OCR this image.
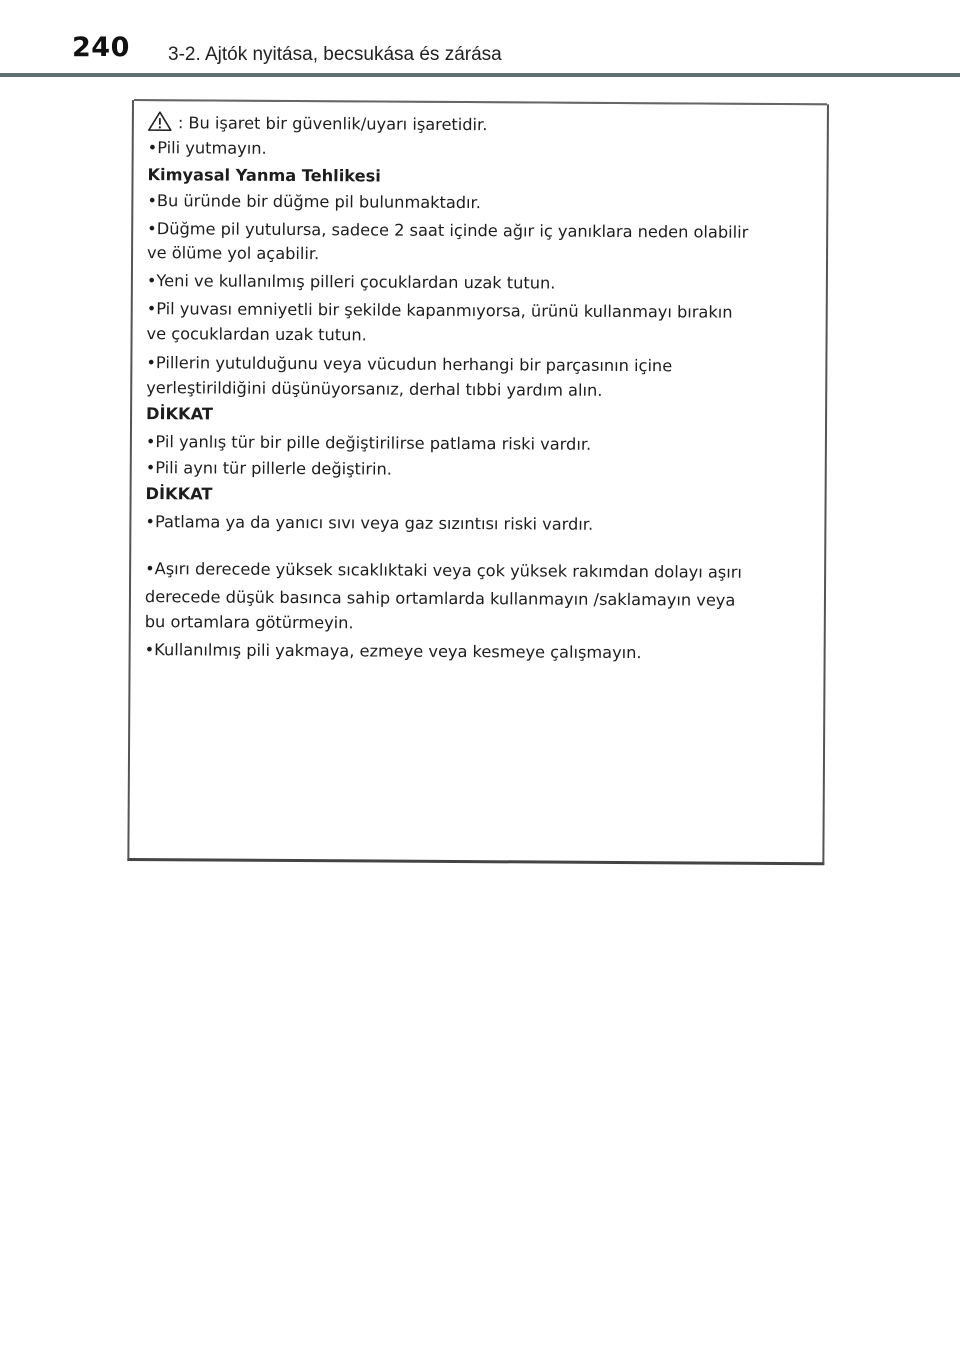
240 3-2. Ajtók nyitása, becsukása és zárása
: Bu işaret bir güvenlik/uyarı işaretidir.
•Pili yutmayın.
Kimyasal Yanma Tehlikesi
•Bu üründe bir düğme pil bulunmaktadır.
•Düğme pil yutulursa, sadece 2 saat içinde ağır iç yanıklara neden olabilir
ve ölüme yol açabilir.
•Yeni ve kullanılmış pilleri çocuklardan uzak tutun.
•Pil yuvası emniyetli bir şekilde kapanmıyorsa, ürünü kullanmayı bırakın
ve çocuklardan uzak tutun.
•Pillerin yutulduğunu veya vücudun herhangi bir parçasının içine
yerleştirildiğini düşünüyorsanız, derhal tıbbi yardım alın.
DİKKAT
•Pil yanlış tür bir pille değiştirilirse patlama riski vardır.
•Pili aynı tür pillerle değiştirin.
DİKKAT
•Patlama ya da yanıcı sıvı veya gaz sızıntısı riski vardır.
•Aşırı derecede yüksek sıcaklıktaki veya çok yüksek rakımdan dolayı aşırı
derecede düşük basınca sahip ortamlarda kullanmayın /saklamayın veya
bu ortamlara götürmeyin.
•Kullanılmış pili yakmaya, ezmeye veya kesmeye çalışmayın.
